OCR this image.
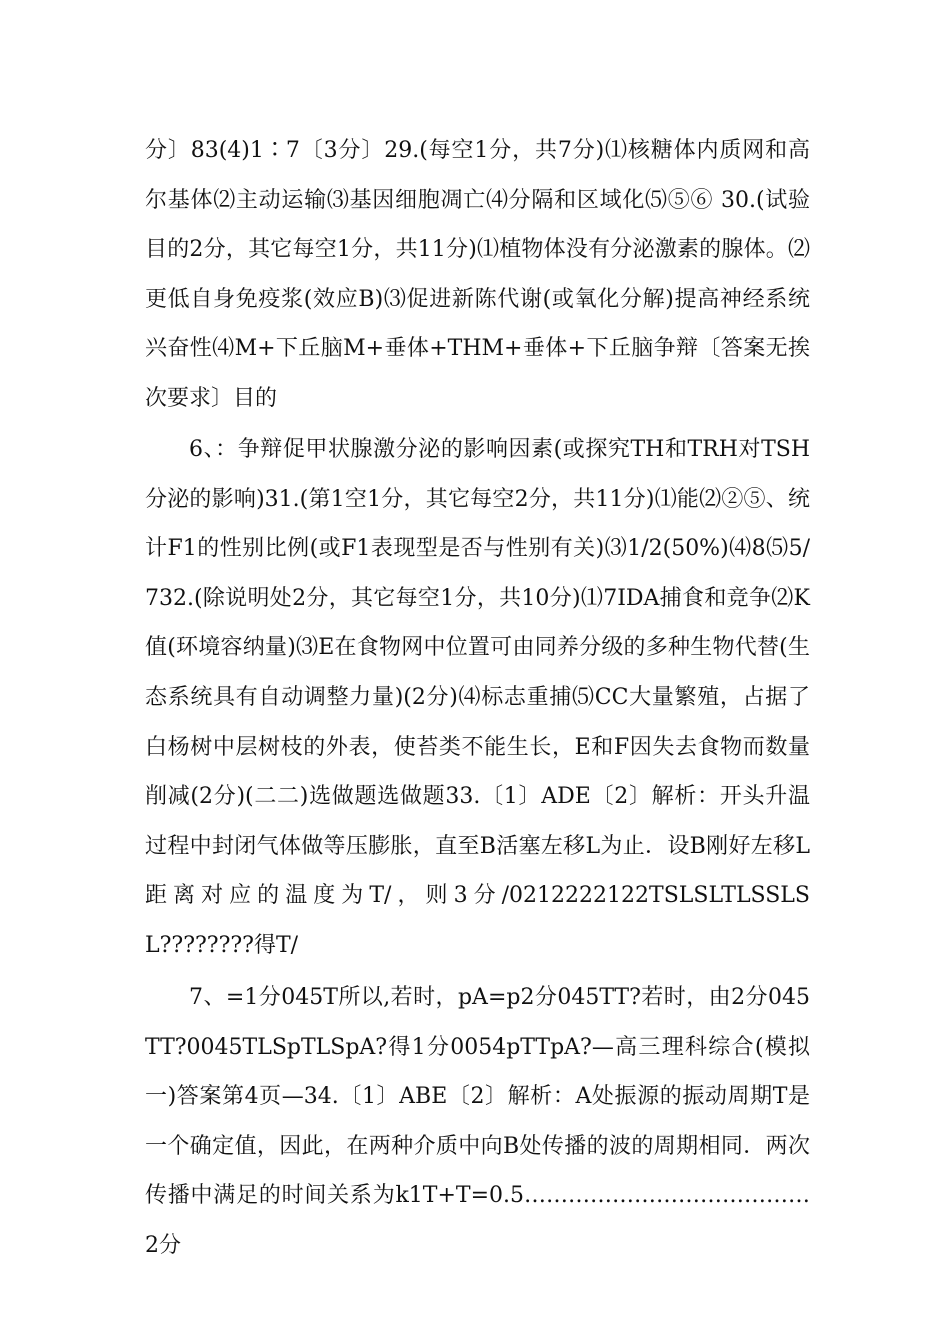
分〕83(4)1∶7〔3分〕29.(每空1分，共7分)⑴核糖体内质网和高尔基体⑵主动运输⑶基因细胞凋亡⑷分隔和区域化⑸⑤⑥ 30.(试验目的2分，其它每空1分，共11分)⑴植物体没有分泌激素的腺体。⑵更低自身免疫浆(效应B)⑶促进新陈代谢(或氧化分解)提高神经系统兴奋性⑷M+下丘脑M+垂体+THM+垂体+下丘脑争辩〔答案无挨次要求〕目的

6、：争辩促甲状腺激分泌的影响因素(或探究TH和TRH对TSH分泌的影响)31.(第1空1分，其它每空2分，共11分)⑴能⑵②⑤、统计F1的性别比例(或F1表现型是否与性别有关)⑶1/2(50%)⑷8⑸5/732.(除说明处2分，其它每空1分，共10分)⑴7IDA捕食和竞争⑵K值(环境容纳量)⑶E在食物网中位置可由同养分级的多种生物代替(生态系统具有自动调整力量)(2分)⑷标志重捕⑸CC大量繁殖，占据了白杨树中层树枝的外表，使苔类不能生长，E和F因失去食物而数量削减(2分)(二二)选做题选做题33.〔1〕ADE〔2〕解析：开头升温过程中封闭气体做等压膨胀，直至B活塞左移L为止．设B刚好左移L距离对应的温度为T/，则3分/0212222122TSLSLTLSSLSL????????得T/

7、=1分045T所以,若时，pA=p2分045TT?若时，由2分045TT?0045TLSpTLSpA?得1分0054pTTpA?—高三理科综合(模拟一)答案第4页—34.〔1〕ABE〔2〕解析：A处振源的振动周期T是一个确定值，因此，在两种介质中向B处传播的波的周期相同．两次传播中满足的时间关系为k1T+T=0.5…………………………………2分
